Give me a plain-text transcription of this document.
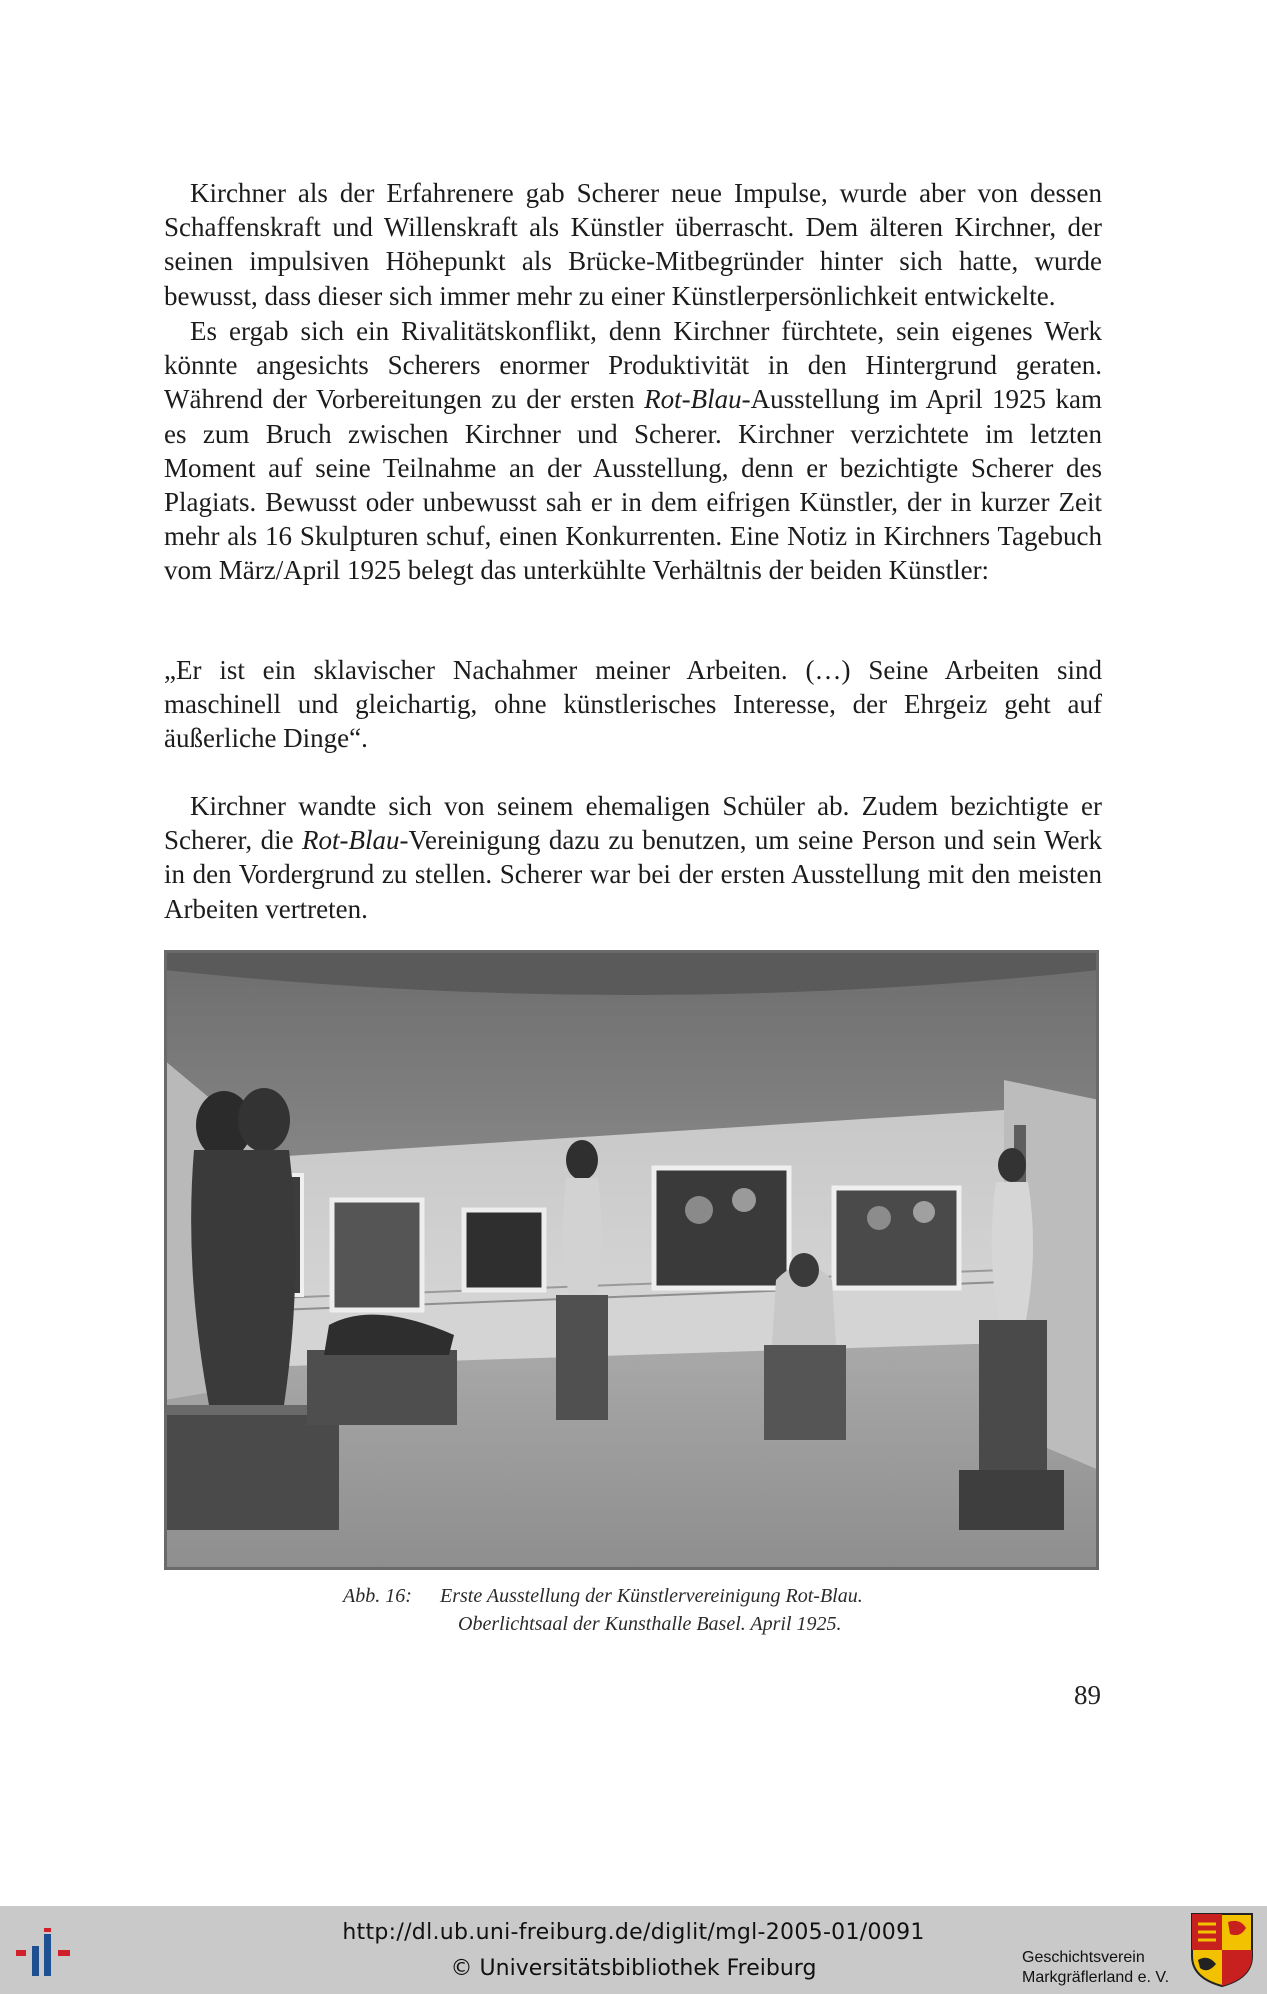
Kirchner als der Erfahrenere gab Scherer neue Impulse, wurde aber von dessen Schaffenskraft und Willenskraft als Künstler überrascht. Dem älteren Kirchner, der seinen impulsiven Höhepunkt als Brücke-Mitbegründer hinter sich hatte, wurde bewusst, dass dieser sich immer mehr zu einer Künstlerpersönlichkeit entwickelte.

Es ergab sich ein Rivalitätskonflikt, denn Kirchner fürchtete, sein eigenes Werk könnte angesichts Scherers enormer Produktivität in den Hintergrund geraten. Während der Vorbereitungen zu der ersten Rot-Blau-Ausstellung im April 1925 kam es zum Bruch zwischen Kirchner und Scherer. Kirchner verzichtete im letzten Moment auf seine Teilnahme an der Ausstellung, denn er bezichtigte Scherer des Plagiats. Bewusst oder unbewusst sah er in dem eifrigen Künstler, der in kurzer Zeit mehr als 16 Skulpturen schuf, einen Konkurrenten. Eine Notiz in Kirchners Tagebuch vom März/April 1925 belegt das unterkühlte Verhältnis der beiden Künstler:

„Er ist ein sklavischer Nachahmer meiner Arbeiten. (…) Seine Arbeiten sind maschinell und gleichartig, ohne künstlerisches Interesse, der Ehrgeiz geht auf äußerliche Dinge“.

Kirchner wandte sich von seinem ehemaligen Schüler ab. Zudem bezichtigte er Scherer, die Rot-Blau-Vereinigung dazu zu benutzen, um seine Person und sein Werk in den Vordergrund zu stellen. Scherer war bei der ersten Ausstellung mit den meisten Arbeiten vertreten.

Abb. 16: Erste Ausstellung der Künstlervereinigung Rot-Blau.
Oberlichtsaal der Kunsthalle Basel. April 1925.
89
http://dl.ub.uni-freiburg.de/diglit/mgl-2005-01/0091
© Universitätsbibliothek Freiburg	Geschichtsverein
Markgräflerland e. V.
